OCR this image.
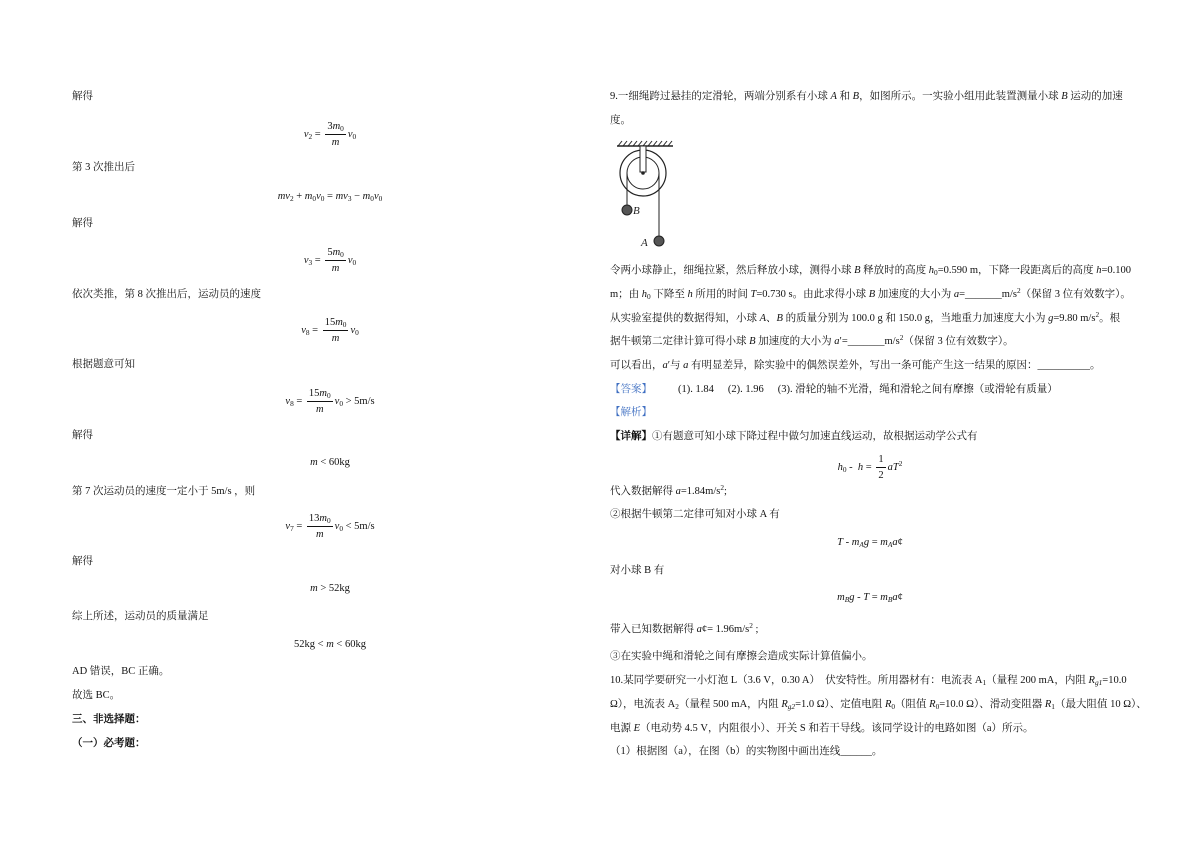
解得
$v_2 = \frac{3m_0}{m} v_0$
第 3 次推出后
$mv_2 + m_0v_0 = mv_3 - m_0v_0$
解得
$v_3 = \frac{5m_0}{m} v_0$
依次类推，第 8 次推出后，运动员的速度
$v_8 = \frac{15m_0}{m} v_0$
根据题意可知
$v_8 = \frac{15m_0}{m} v_0 > 5m/s$
解得
m < 60kg
第 7 次运动员的速度一定小于 5m/s ，则
$v_7 = \frac{13m_0}{m} v_0 < 5m/s$
解得
m > 52kg
综上所述，运动员的质量满足
52kg < m < 60kg
AD 错误，BC 正确。
故选 BC。
三、非选择题：
（一）必考题：
9.一细绳跨过悬挂的定滑轮，两端分别系有小球 A 和 B，如图所示。一实验小组用此装置测量小球 B 运动的加速
度。
B
A
令两小球静止，细绳拉紧，然后释放小球，测得小球 B 释放时的高度 $h_0=0.590$ m，下降一段距离后的高度 h=0.100
m；由 $h_0$ 下降至 h 所用的时间 T=0.730 s。由此求得小球 B 加速度的大小为 $a=\_\_\_\_\_\_\_m/s^2$（保留 3 位有效数字）。
从实验室提供的数据得知，小球 A、B 的质量分别为 100.0 g 和 150.0 g，当地重力加速度大小为 g=9.80 $m/s^2$。根
据牛顿第二定律计算可得小球 B 加速度的大小为 $a'=\_\_\_\_\_\_\_m/s^2$（保留 3 位有效数字）。
可以看出，a′与 a 有明显差异，除实验中的偶然误差外，写出一条可能产生这一结果的原因：__________。
【答案】 (1). 1.84 (2). 1.96 (3). 滑轮的轴不光滑，绳和滑轮之间有摩擦（或滑轮有质量）
【解析】
【详解】①有题意可知小球下降过程中做匀加速直线运动，故根据运动学公式有
$h_0 - h = \frac{1}{2} aT^2$
代入数据解得 $a=1.84m/s^2$;
②根据牛顿第二定律可知对小球 A 有
T - $m_Ag$ = $m_Aa¢$
对小球 B 有
$m_Bg$ - $T = m_Ba¢$
带入已知数据解得 a¢= $1.96m/s^2$ ;
③在实验中绳和滑轮之间有摩擦会造成实际计算值偏小。
10.某同学要研究一小灯泡 L（3.6 V，0.30 A）  伏安特性。所用器材有：电流表 $A_1$（量程 200 mA，内阻 $R_{g1}=10.0$
Ω），电流表 $A_2$（量程 500 mA，内阻 $R_{g2}=1.0$ Ω）、定值电阻 $R_0$（阻值 $R_0=10.0$ Ω）、滑动变阻器 $R_1$（最大阻值 10 Ω）、
电源 E（电动势 4.5 V，内阻很小）、开关 S 和若干导线。该同学设计的电路如图（a）所示。
（1）根据图（a），在图（b）的实物图中画出连线______。
